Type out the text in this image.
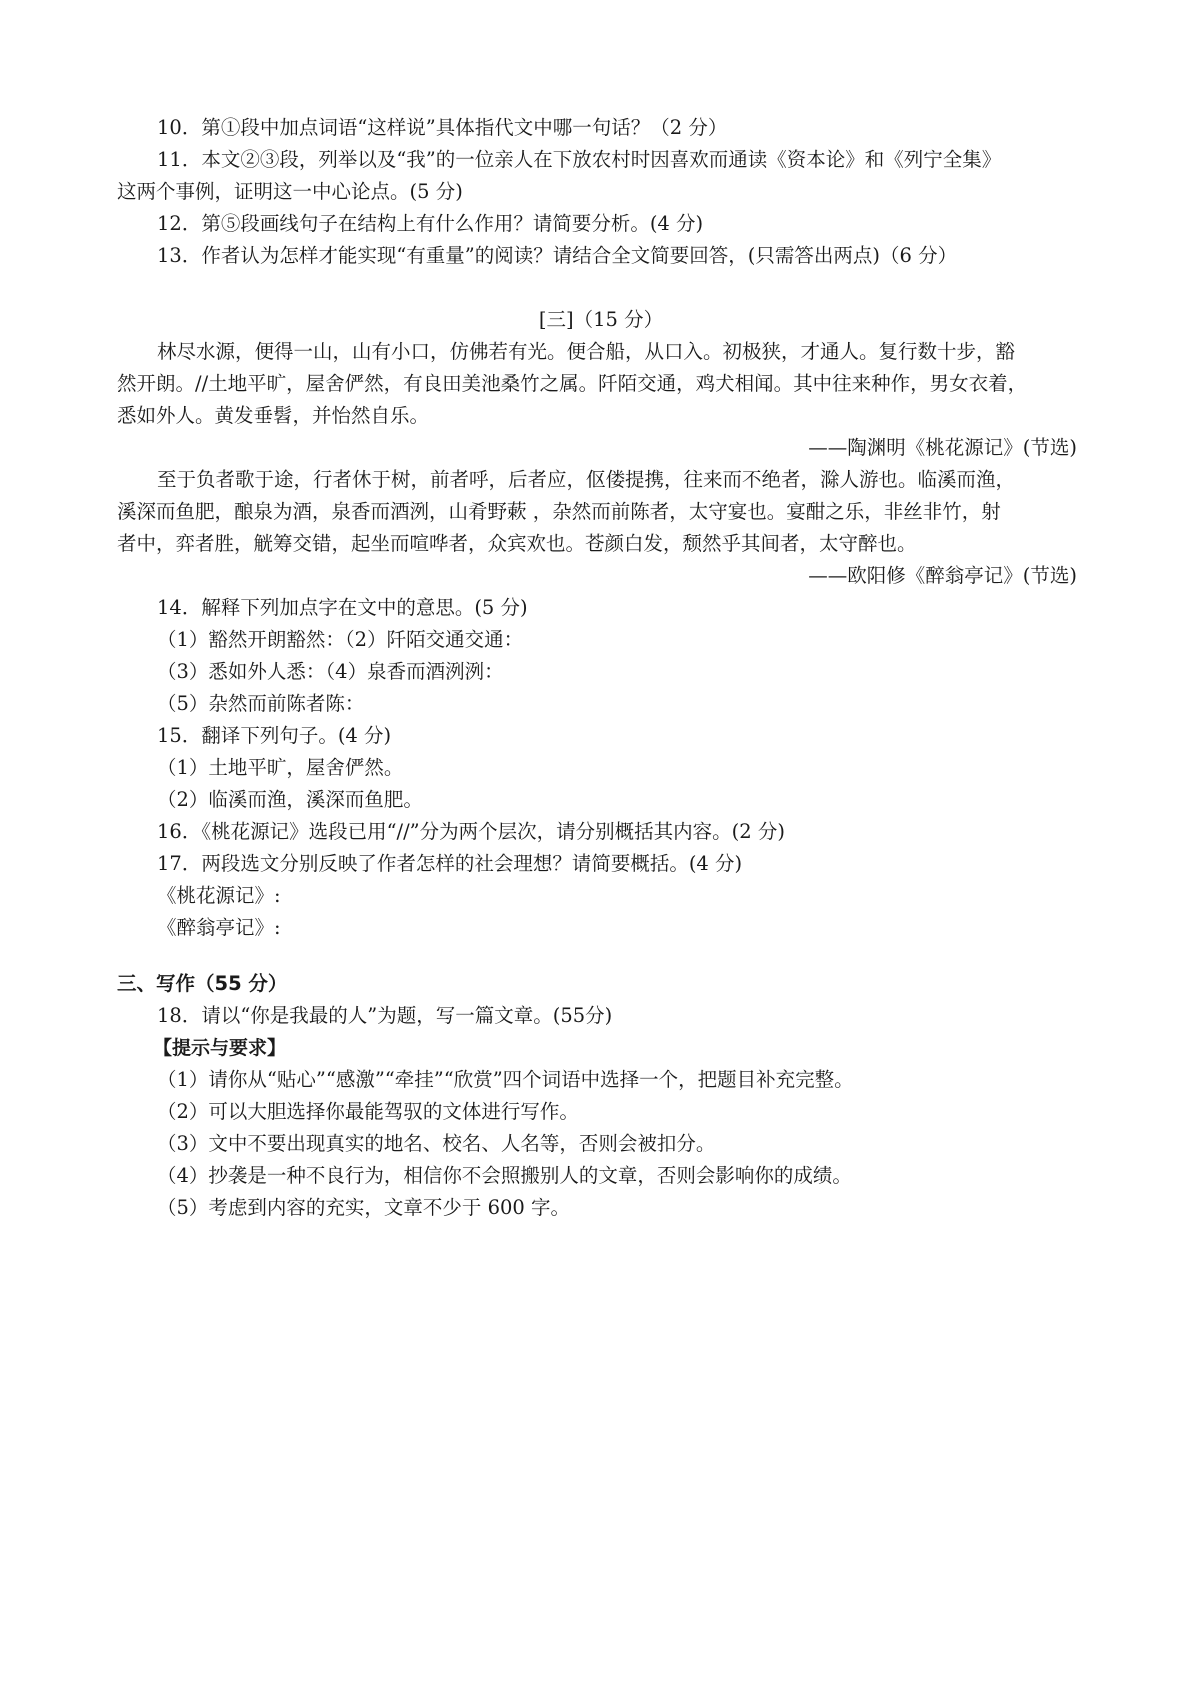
10．第①段中加点词语“这样说”具体指代文中哪一句话？（2 分）

11．本文②③段，列举以及“我”的一位亲人在下放农村时因喜欢而通读《资本论》和《列宁全集》

这两个事例，证明这一中心论点。(5 分)

12．第⑤段画线句子在结构上有什么作用？请简要分析。(4 分)

13．作者认为怎样才能实现“有重量”的阅读？请结合全文简要回答，(只需答出两点)（6 分）

[三]（15 分）

林尽水源，便得一山，山有小口，仿佛若有光。便合船，从口入。初极狭，才通人。复行数十步，豁

然开朗。//土地平旷，屋舍俨然，有良田美池桑竹之属。阡陌交通，鸡犬相闻。其中往来种作，男女衣着，

悉如外人。黄发垂髫，并怡然自乐。

——陶渊明《桃花源记》(节选)

至于负者歌于途，行者休于树，前者呼，后者应，伛偻提携，往来而不绝者，滁人游也。临溪而渔，

溪深而鱼肥，酿泉为酒，泉香而酒洌，山肴野蔌 ，杂然而前陈者，太守宴也。宴酣之乐，非丝非竹，射

者中，弈者胜，觥筹交错，起坐而喧哗者，众宾欢也。苍颜白发，颓然乎其间者，太守醉也。

——欧阳修《醉翁亭记》(节选)

14．解释下列加点字在文中的意思。(5 分)

（1）豁然开朗豁然：（2）阡陌交通交通：

（3）悉如外人悉：（4）泉香而酒洌洌：

（5）杂然而前陈者陈：

15．翻译下列句子。(4 分)

（1）土地平旷，屋舍俨然。

（2）临溪而渔，溪深而鱼肥。

16．《桃花源记》选段已用“//”分为两个层次，请分别概括其内容。(2 分)

17．两段选文分别反映了作者怎样的社会理想？请简要概括。(4 分)

《桃花源记》:

《醉翁亭记》:

三、写作（55 分）

18．请以“你是我最的人”为题，写一篇文章。(55分)

【提示与要求】

（1）请你从“贴心”“感激”“牵挂”“欣赏”四个词语中选择一个，把题目补充完整。

（2）可以大胆选择你最能驾驭的文体进行写作。

（3）文中不要出现真实的地名、校名、人名等，否则会被扣分。

（4）抄袭是一种不良行为，相信你不会照搬别人的文章，否则会影响你的成绩。

（5）考虑到内容的充实，文章不少于 600 字。
